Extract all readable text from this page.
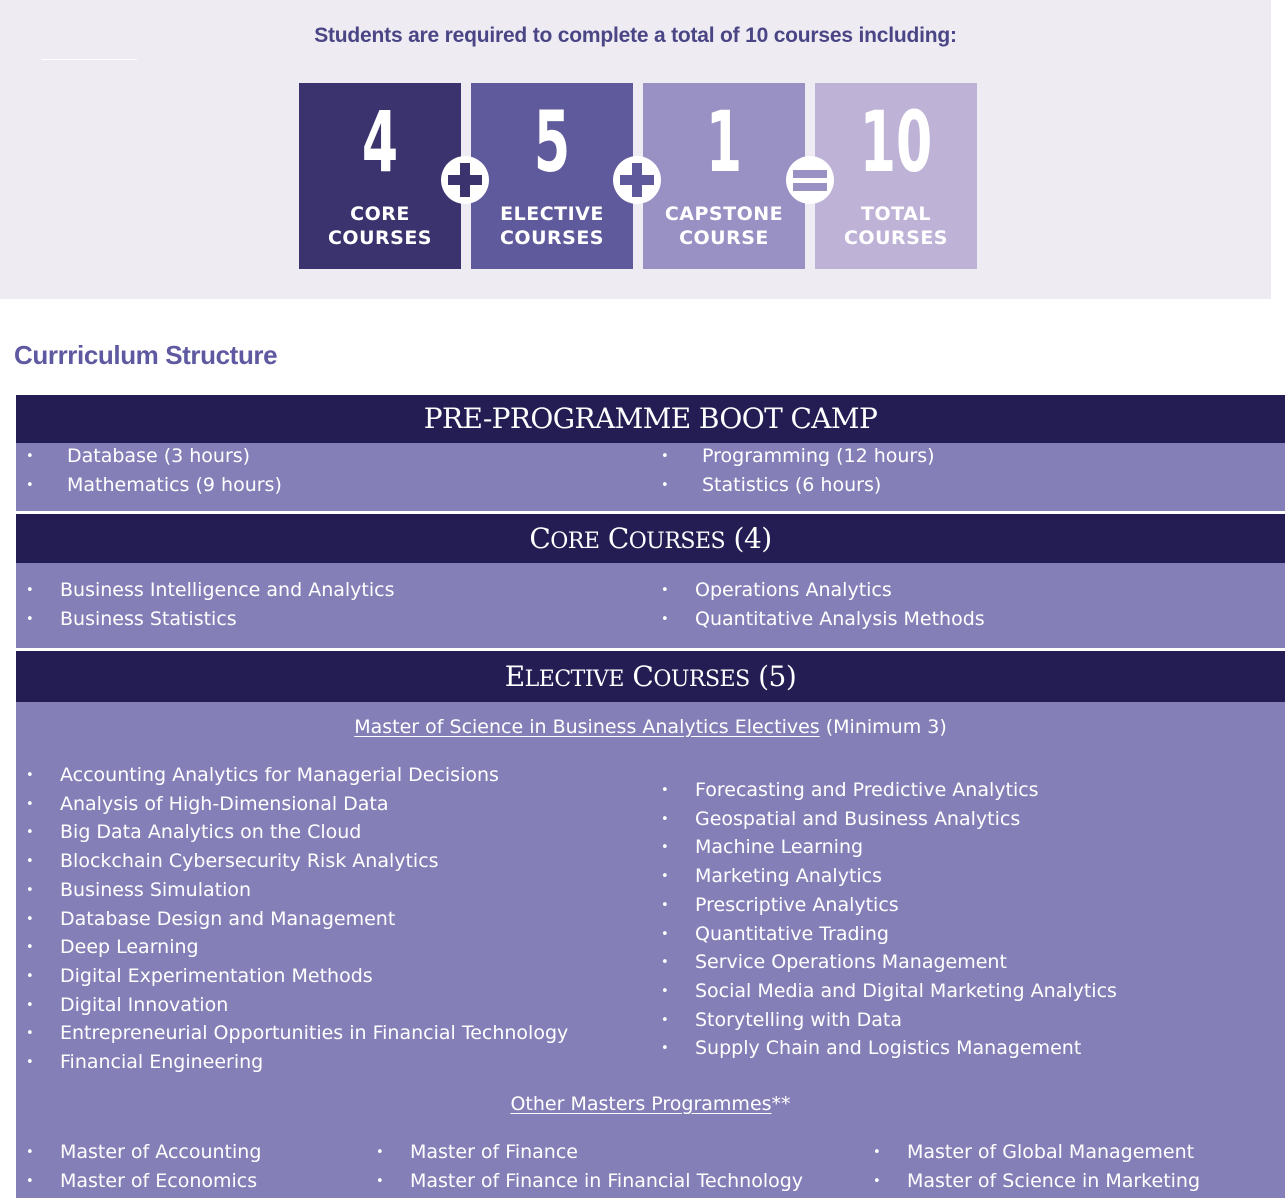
Students are required to complete a total of 10 courses including:
4
CORE
COURSES
5
ELECTIVE
COURSES
1
CAPSTONE
COURSE
10
TOTAL
COURSES
Currriculum Structure
PRE-PROGRAMME BOOT CAMP
• Database (3 hours)
• Mathematics (9 hours)
• Programming (12 hours)
• Statistics (6 hours)
CORE COURSES (4)
• Business Intelligence and Analytics
• Business Statistics
• Operations Analytics
• Quantitative Analysis Methods
ELECTIVE COURSES (5)
Master of Science in Business Analytics Electives (Minimum 3)
• Accounting Analytics for Managerial Decisions
• Analysis of High-Dimensional Data
• Big Data Analytics on the Cloud
• Blockchain Cybersecurity Risk Analytics
• Business Simulation
• Database Design and Management
• Deep Learning
• Digital Experimentation Methods
• Digital Innovation
• Entrepreneurial Opportunities in Financial Technology
• Financial Engineering
• Forecasting and Predictive Analytics
• Geospatial and Business Analytics
• Machine Learning
• Marketing Analytics
• Prescriptive Analytics
• Quantitative Trading
• Service Operations Management
• Social Media and Digital Marketing Analytics
• Storytelling with Data
• Supply Chain and Logistics Management
Other Masters Programmes**
• Master of Accounting
• Master of Economics
• Master of Finance
• Master of Finance in Financial Technology
• Master of Global Management
• Master of Science in Marketing
